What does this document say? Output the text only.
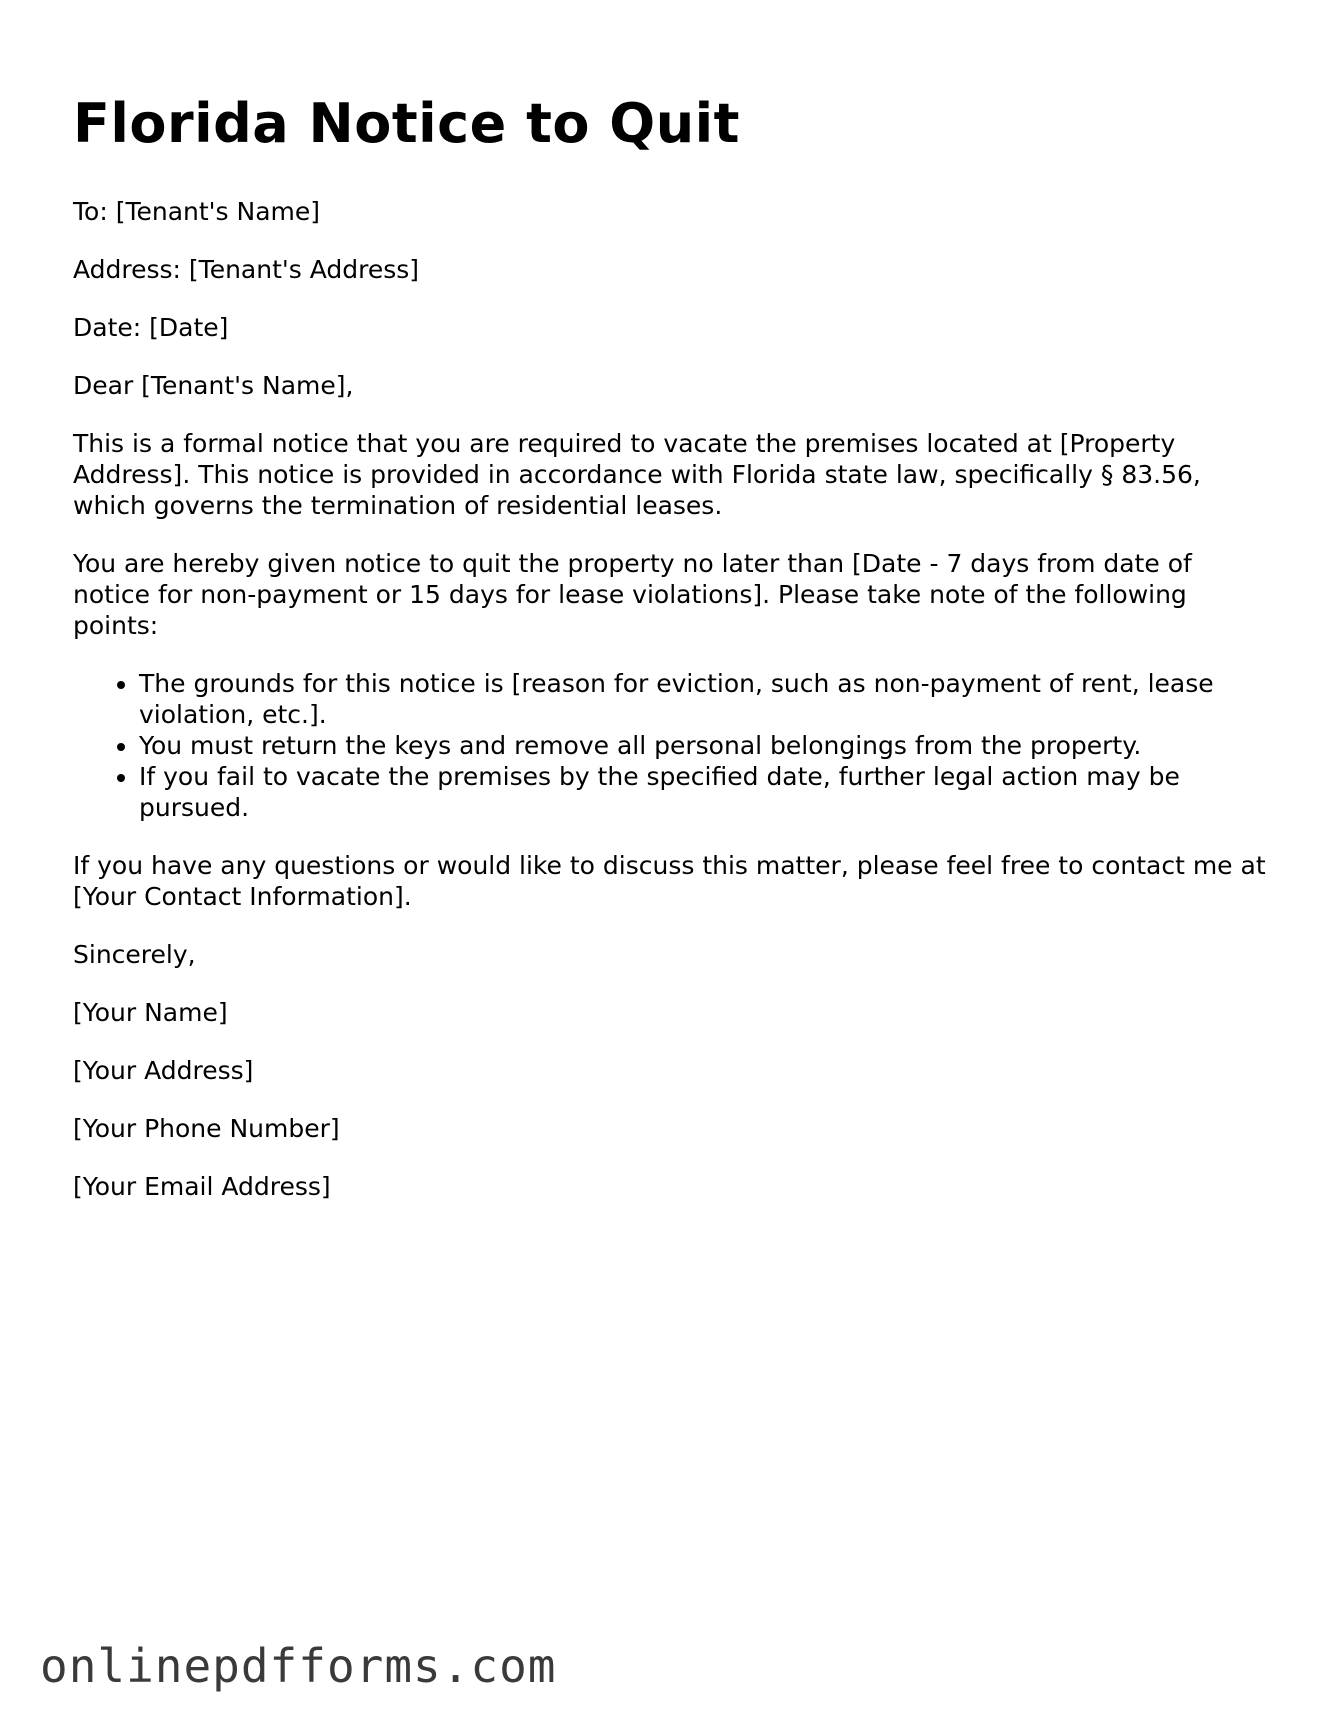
Florida Notice to Quit

To: [Tenant's Name]

Address: [Tenant's Address]

Date: [Date]

Dear [Tenant's Name],

This is a formal notice that you are required to vacate the premises located at [Property Address]. This notice is provided in accordance with Florida state law, specifically § 83.56, which governs the termination of residential leases.

You are hereby given notice to quit the property no later than [Date - 7 days from date of notice for non-payment or 15 days for lease violations]. Please take note of the following points:

• The grounds for this notice is [reason for eviction, such as non-payment of rent, lease violation, etc.].
• You must return the keys and remove all personal belongings from the property.
• If you fail to vacate the premises by the specified date, further legal action may be pursued.

If you have any questions or would like to discuss this matter, please feel free to contact me at [Your Contact Information].

Sincerely,

[Your Name]

[Your Address]

[Your Phone Number]

[Your Email Address]

onlinepdfforms.com
